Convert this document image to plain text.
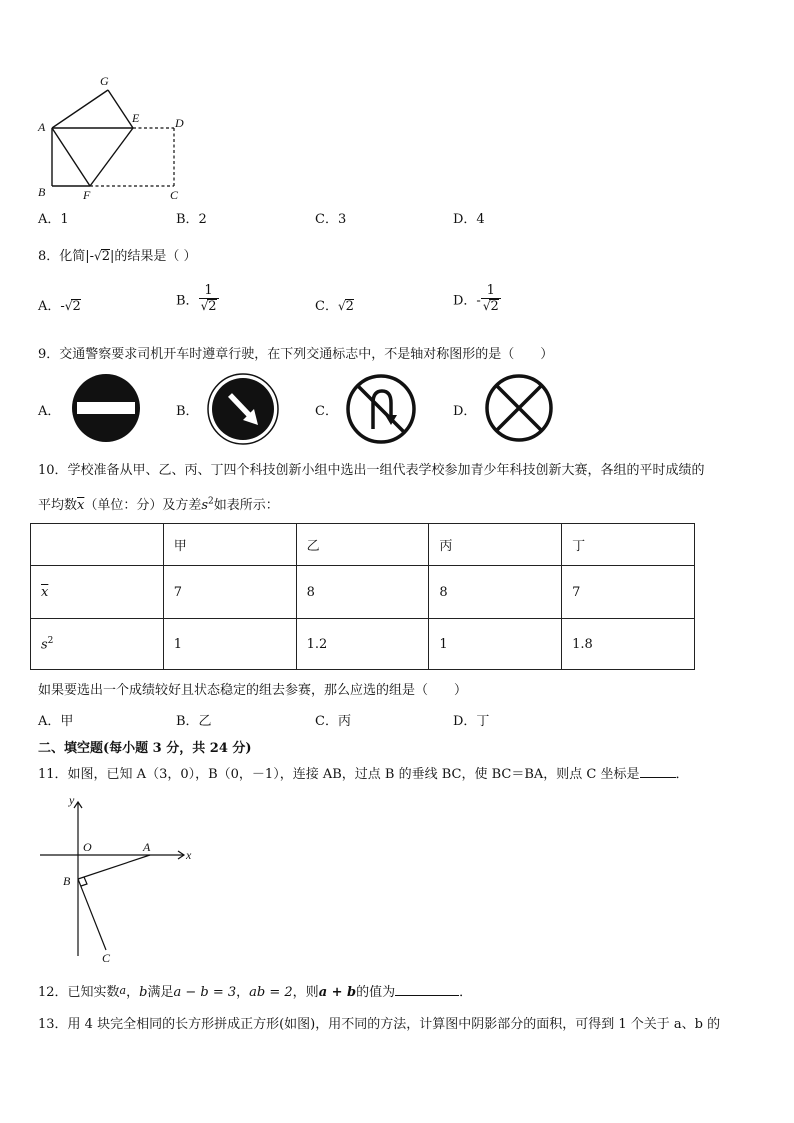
G
A
E	D
B	F	C
A．1	B．2	C．3	D．4
8．化简|-√2|的结果是（ ）
A．-√2	B． $\frac{1}{√2}$	C．√2	D．- $\frac{1}{√2}$
9．交通警察要求司机开车时遵章行驶，在下列交通标志中，不是轴对称图形的是（　　）
A．	B．	C．	D．
10．学校准备从甲、乙、丙、丁四个科技创新小组中选出一组代表学校参加青少年科技创新大赛，各组的平时成绩的
平均数$\overline{x}$（单位：分）及方差$s^2$如表所示：
	甲	乙	丙	丁
$\overline{x}$	7	8	8	7
$s^2$	1	1.2	1	1.8
如果要选出一个成绩较好且状态稳定的组去参赛，那么应选的组是（　　）
A．甲	B．乙	C．丙	D．丁
二、填空题(每小题 3 分，共 24 分)
11．如图，已知 A（3，0），B（0，－1），连接 AB，过点 B 的垂线 BC，使 BC＝BA，则点 C 坐标是	．
y
x
O	A
B
C
12．已知实数a，b满足a − b = 3，ab = 2，则a + b的值为	．
13．用 4 块完全相同的长方形拼成正方形(如图)，用不同的方法，计算图中阴影部分的面积，可得到 1 个关于 a、b 的
